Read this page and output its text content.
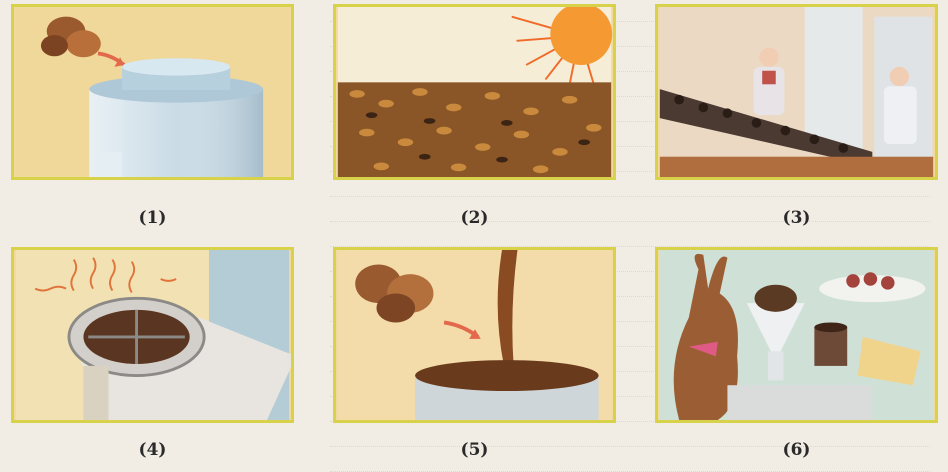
(1)	(2)	(3)
(4)	(5)	(6)
